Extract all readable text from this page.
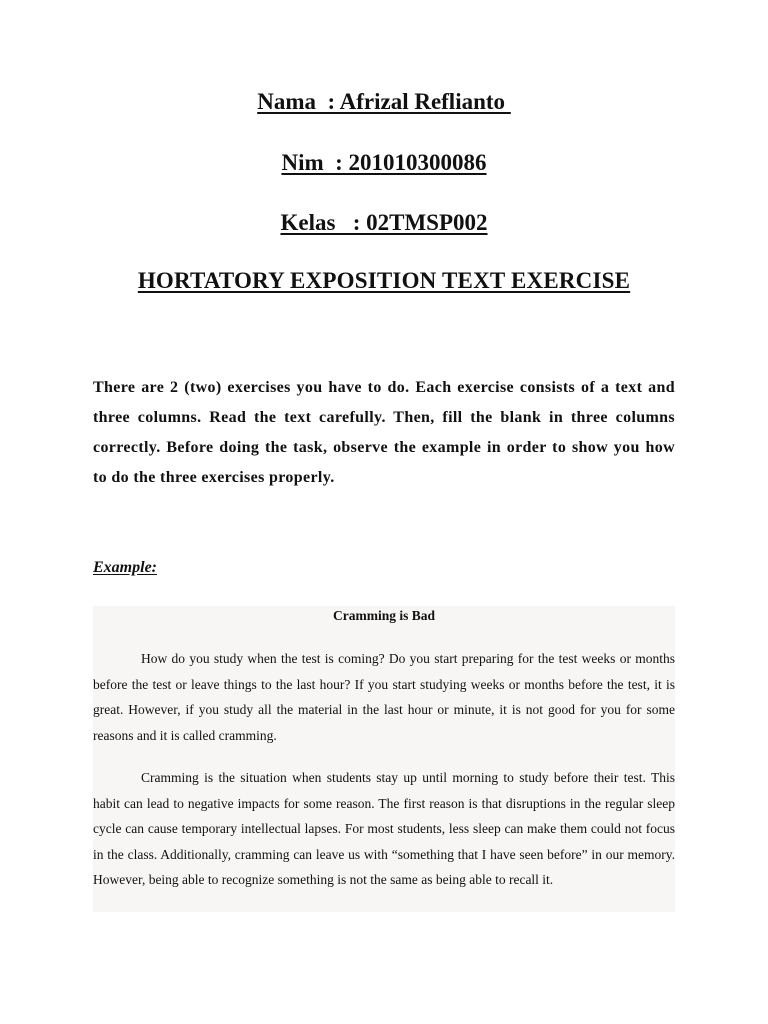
Nama  : Afrizal Reflianto
Nim  : 201010300086
Kelas   : 02TMSP002
HORTATORY EXPOSITION TEXT EXERCISE
There are 2 (two) exercises you have to do. Each exercise consists of a text and three columns. Read the text carefully. Then, fill the blank in three columns correctly. Before doing the task, observe the example in order to show you how to do the three exercises properly.
Example:
Cramming is Bad

How do you study when the test is coming? Do you start preparing for the test weeks or months before the test or leave things to the last hour? If you start studying weeks or months before the test, it is great. However, if you study all the material in the last hour or minute, it is not good for you for some reasons and it is called cramming.

Cramming is the situation when students stay up until morning to study before their test. This habit can lead to negative impacts for some reason. The first reason is that disruptions in the regular sleep cycle can cause temporary intellectual lapses. For most students, less sleep can make them could not focus in the class. Additionally, cramming can leave us with “something that I have seen before” in our memory. However, being able to recognize something is not the same as being able to recall it.
